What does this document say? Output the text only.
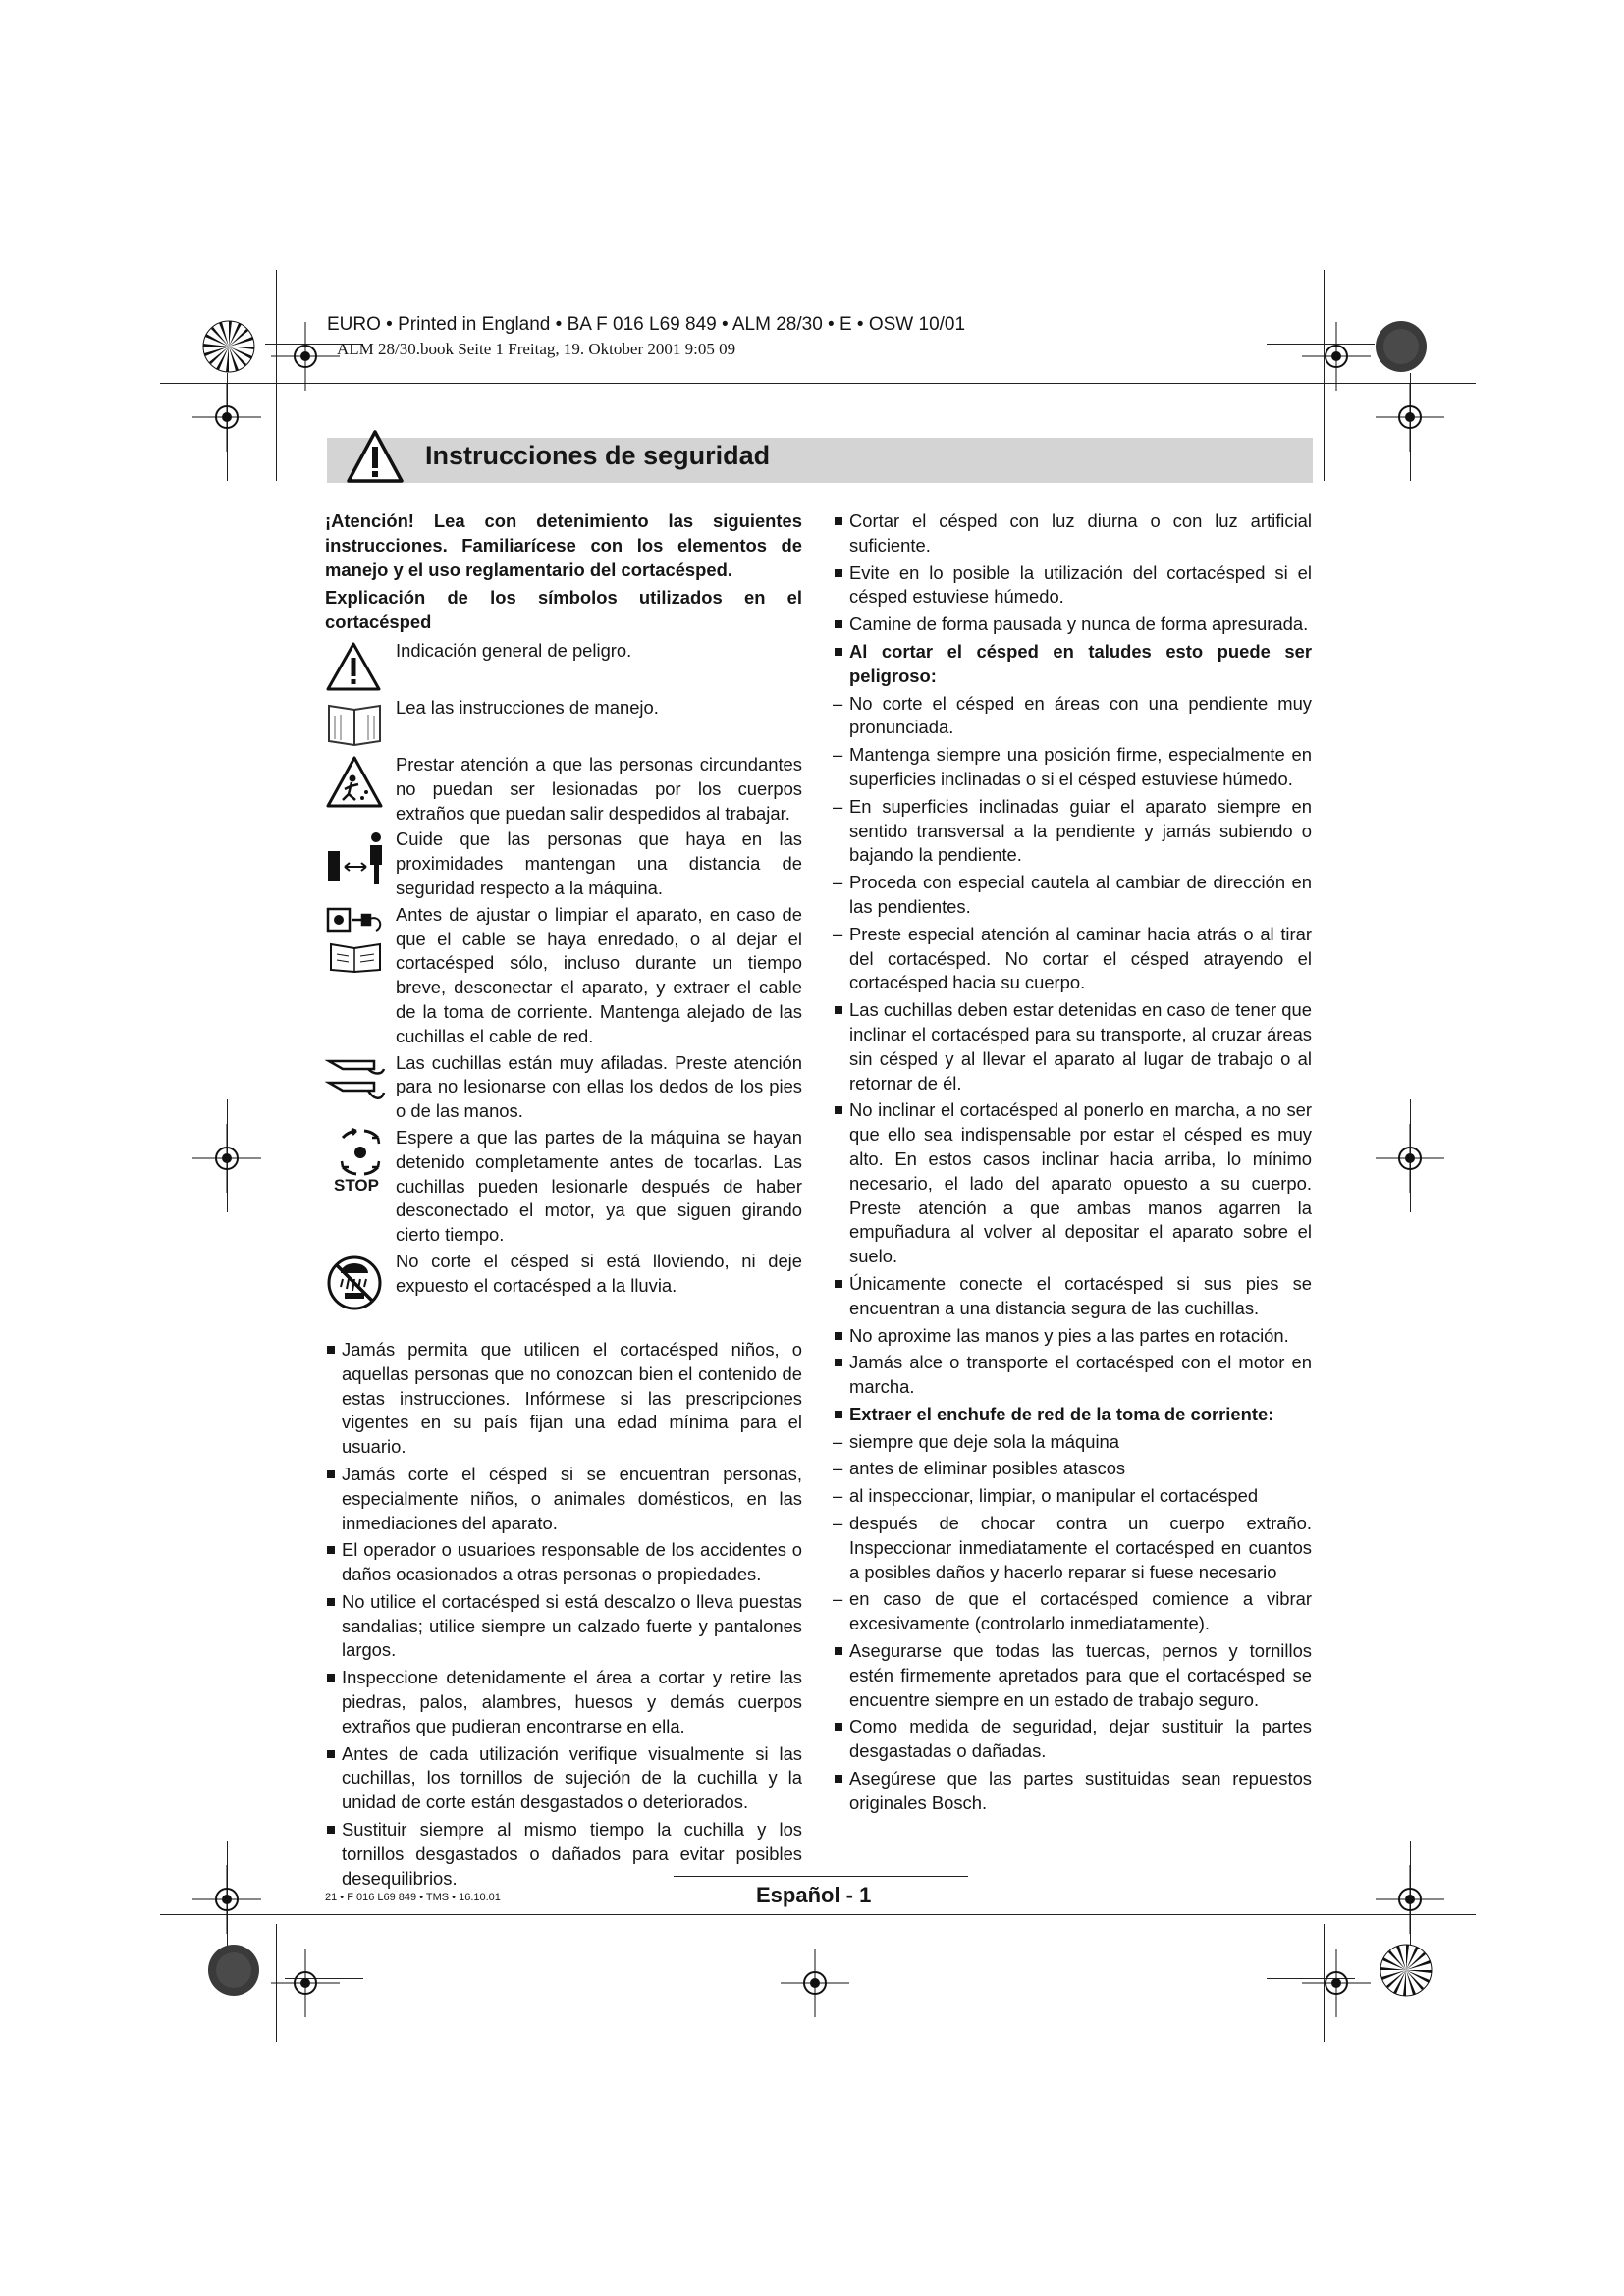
EURO • Printed in England • BA F 016 L69 849 • ALM 28/30 • E • OSW 10/01
ALM 28/30.book Seite 1 Freitag, 19. Oktober 2001 9:05 09
Instrucciones de seguridad

¡Atención! Lea con detenimiento las siguientes instrucciones. Familiarícese con los elementos de manejo y el uso reglamentario del cortacésped.

Explicación de los símbolos utilizados en el cortacésped

Indicación general de peligro.
Lea las instrucciones de manejo.
Prestar atención a que las personas circundantes no puedan ser lesionadas por los cuerpos extraños que puedan salir despedidos al trabajar.
Cuide que las personas que haya en las proximidades mantengan una distancia de seguridad respecto a la máquina.
Antes de ajustar o limpiar el aparato, en caso de que el cable se haya enredado, o al dejar el cortacésped sólo, incluso durante un tiempo breve, desconectar el aparato, y extraer el cable de la toma de corriente. Mantenga alejado de las cuchillas el cable de red.
Las cuchillas están muy afiladas. Preste atención para no lesionarse con ellas los dedos de los pies o de las manos.
STOP
Espere a que las partes de la máquina se hayan detenido completamente antes de tocarlas. Las cuchillas pueden lesionarle después de haber desconectado el motor, ya que siguen girando cierto tiempo.
No corte el césped si está lloviendo, ni deje expuesto el cortacésped a la lluvia.
Jamás permita que utilicen el cortacésped niños, o aquellas personas que no conozcan bien el contenido de estas instrucciones. Infórmese si las prescripciones vigentes en su país fijan una edad mínima para el usuario.
Jamás corte el césped si se encuentran personas, especialmente niños, o animales domésticos, en las inmediaciones del aparato.
El operador o usuarioes responsable de los accidentes o daños ocasionados a otras personas o propiedades.
No utilice el cortacésped si está descalzo o lleva puestas sandalias; utilice siempre un calzado fuerte y pantalones largos.
Inspeccione detenidamente el área a cortar y retire las piedras, palos, alambres, huesos y demás cuerpos extraños que pudieran encontrarse en ella.
Antes de cada utilización verifique visualmente si las cuchillas, los tornillos de sujeción de la cuchilla y la unidad de corte están desgastados o deteriorados.
Sustituir siempre al mismo tiempo la cuchilla y los tornillos desgastados o dañados para evitar posibles desequilibrios.
Cortar el césped con luz diurna o con luz artificial suficiente.
Evite en lo posible la utilización del cortacésped si el césped estuviese húmedo.
Camine de forma pausada y nunca de forma apresurada.
Al cortar el césped en taludes esto puede ser peligroso:
– No corte el césped en áreas con una pendiente muy pronunciada.
– Mantenga siempre una posición firme, especialmente en superficies inclinadas o si el césped estuviese húmedo.
– En superficies inclinadas guiar el aparato siempre en sentido transversal a la pendiente y jamás subiendo o bajando la pendiente.
– Proceda con especial cautela al cambiar de dirección en las pendientes.
– Preste especial atención al caminar hacia atrás o al tirar del cortacésped. No cortar el césped atrayendo el cortacésped hacia su cuerpo.
Las cuchillas deben estar detenidas en caso de tener que inclinar el cortacésped para su transporte, al cruzar áreas sin césped y al llevar el aparato al lugar de trabajo o al retornar de él.
No inclinar el cortacésped al ponerlo en marcha, a no ser que ello sea indispensable por estar el césped es muy alto. En estos casos inclinar hacia arriba, lo mínimo necesario, el lado del aparato opuesto a su cuerpo. Preste atención a que ambas manos agarren la empuñadura al volver al depositar el aparato sobre el suelo.
Únicamente conecte el cortacésped si sus pies se encuentran a una distancia segura de las cuchillas.
No aproxime las manos y pies a las partes en rotación.
Jamás alce o transporte el cortacésped con el motor en marcha.
Extraer el enchufe de red de la toma de corriente:
– siempre que deje sola la máquina
– antes de eliminar posibles atascos
– al inspeccionar, limpiar, o manipular el cortacésped
– después de chocar contra un cuerpo extraño. Inspeccionar inmediatamente el cortacésped en cuantos a posibles daños y hacerlo reparar si fuese necesario
– en caso de que el cortacésped comience a vibrar excesivamente (controlarlo inmediatamente).
Asegurarse que todas las tuercas, pernos y tornillos estén firmemente apretados para que el cortacésped se encuentre siempre en un estado de trabajo seguro.
Como medida de seguridad, dejar sustituir la partes desgastadas o dañadas.
Asegúrese que las partes sustituidas sean repuestos originales Bosch.
21 • F 016 L69 849 • TMS • 16.10.01	Español - 1
